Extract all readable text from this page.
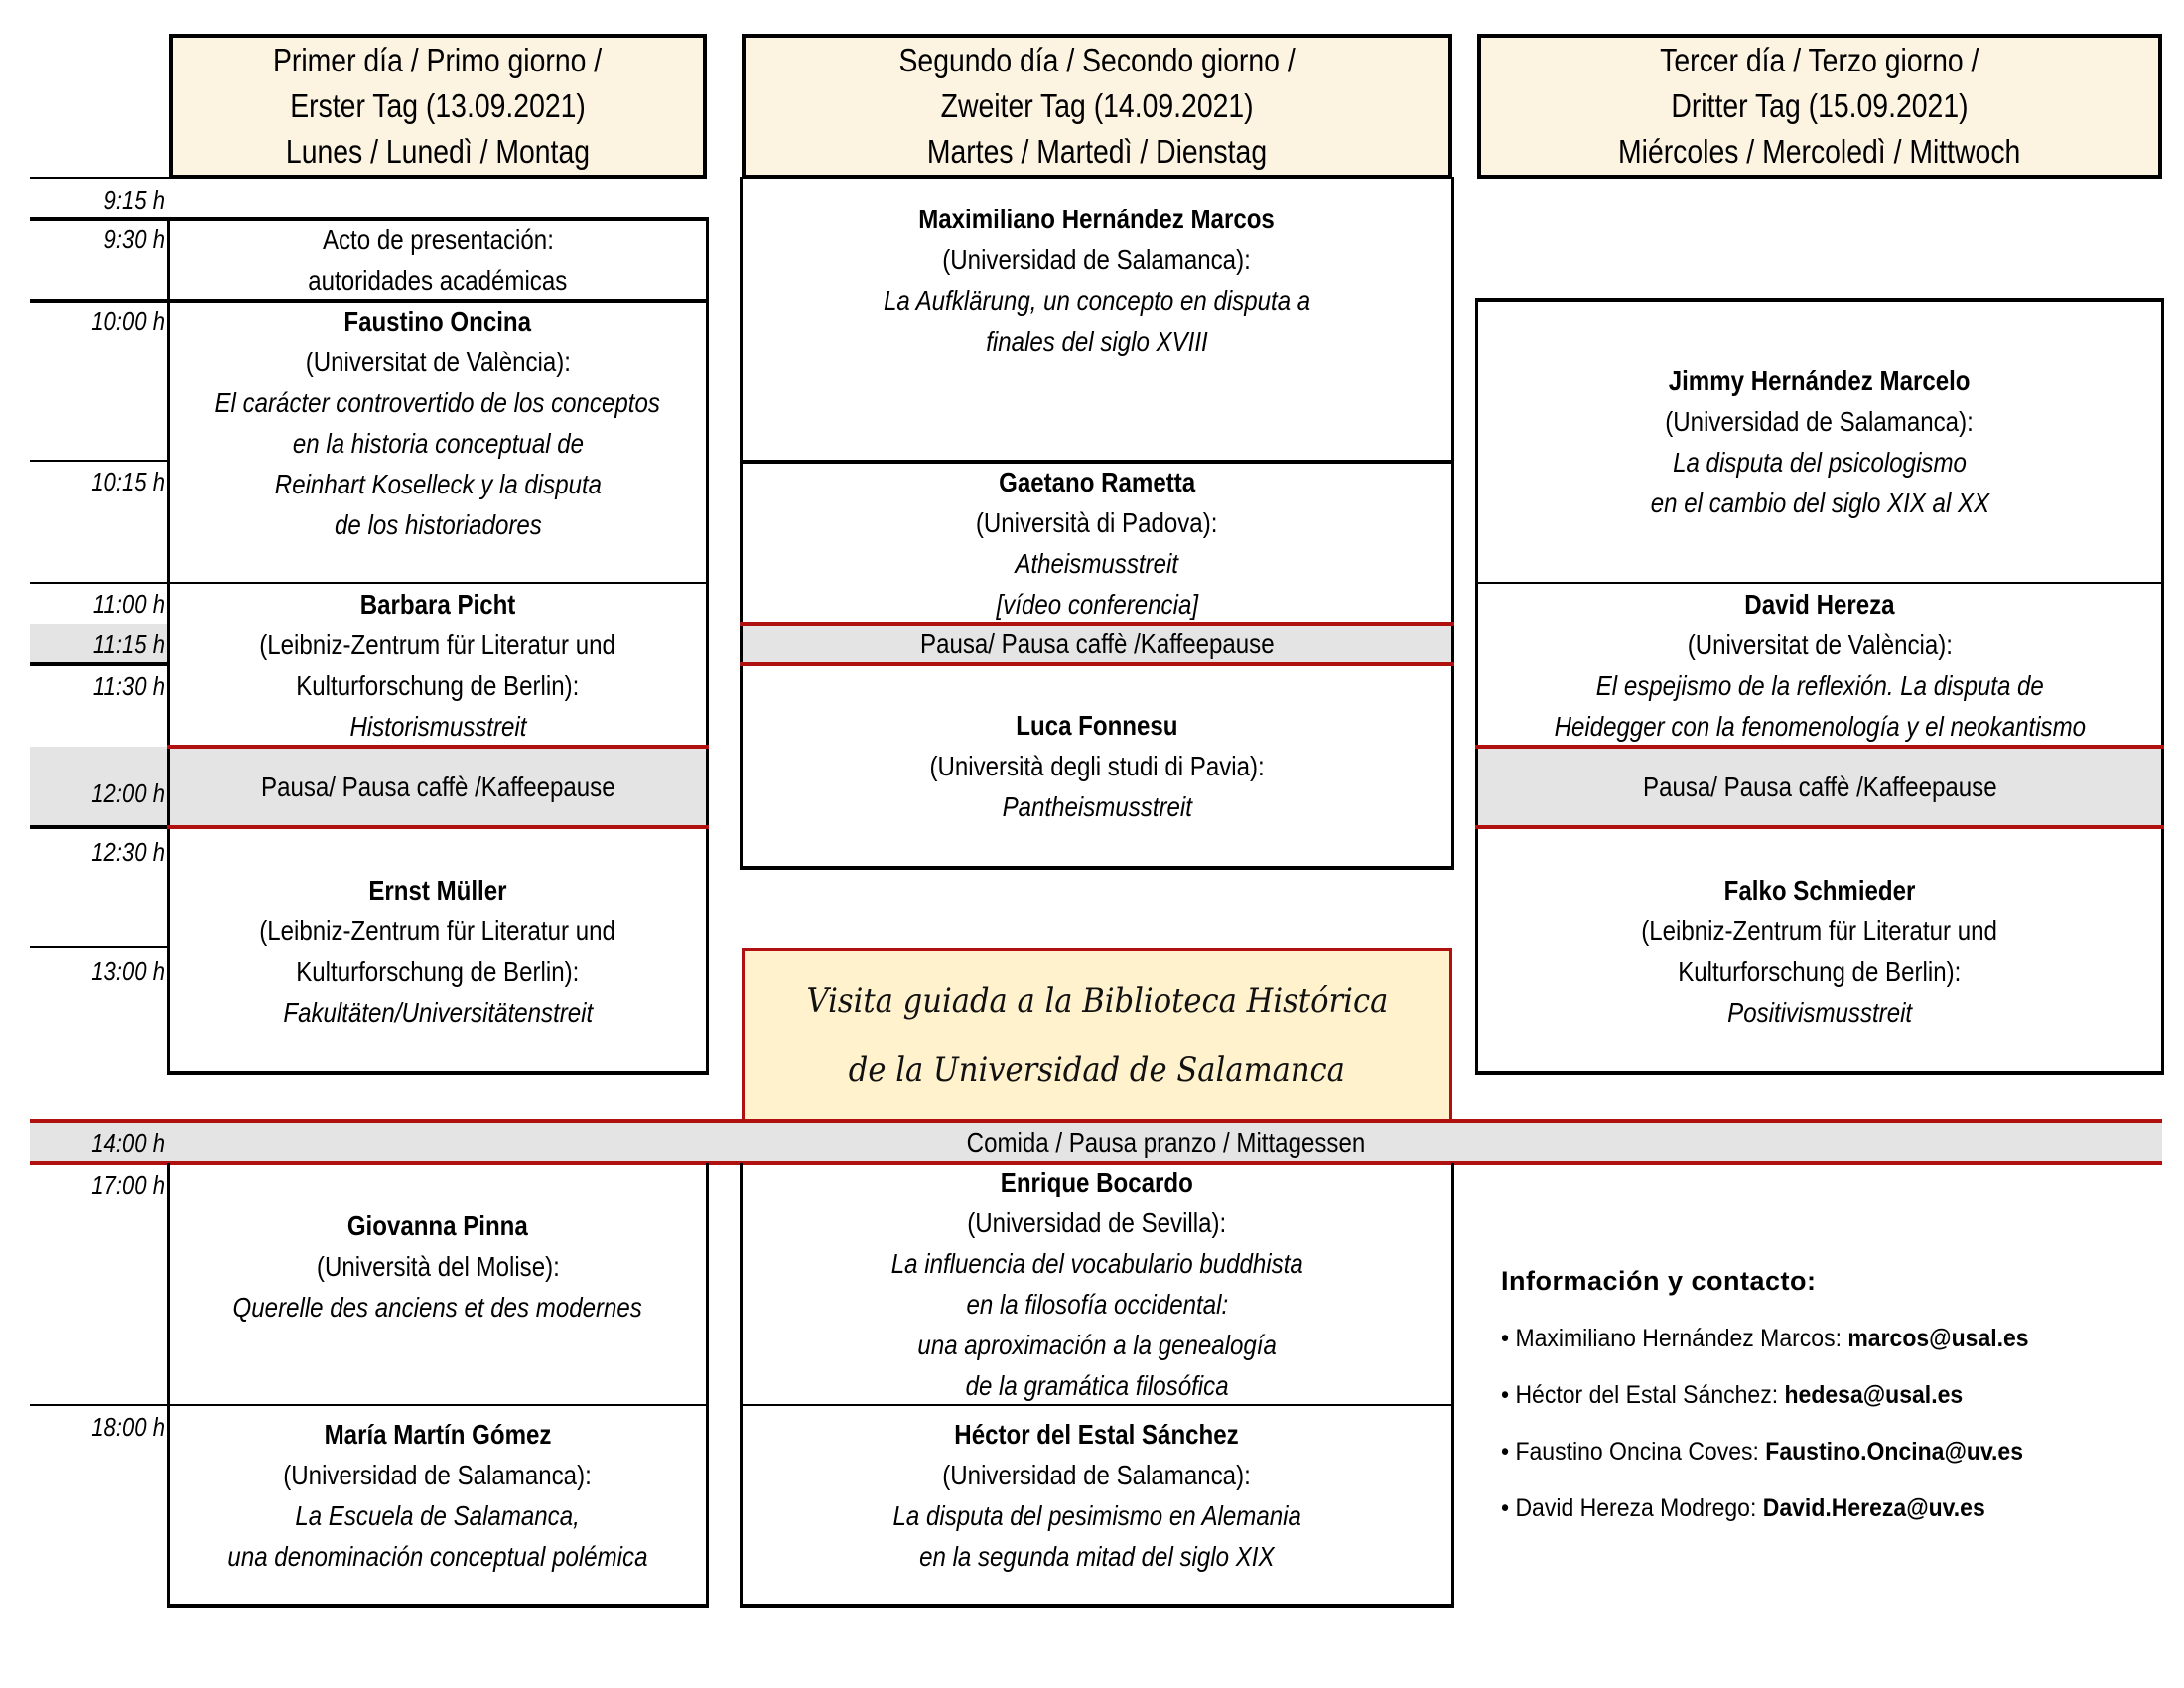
Primer día / Primo giorno /
Erster Tag (13.09.2021)
Lunes / Lunedì / Montag
Segundo día / Secondo giorno /
Zweiter Tag (14.09.2021)
Martes / Martedì / Dienstag
Tercer día / Terzo giorno /
Dritter Tag (15.09.2021)
Miércoles / Mercoledì / Mittwoch
9:15 h
9:30 h
10:00 h
10:15 h
11:00 h
11:15 h
11:30 h
12:00 h
12:30 h
13:00 h
14:00 h
17:00 h
18:00 h
Acto de presentación:
autoridades académicas
Faustino Oncina
(Universitat de València):
El carácter controvertido de los conceptos
en la historia conceptual de
Reinhart Koselleck y la disputa
de los historiadores
Barbara Picht
(Leibniz-Zentrum für Literatur und
Kulturforschung de Berlin):
Historismusstreit
Pausa/ Pausa caffè /Kaffeepause
Ernst Müller
(Leibniz-Zentrum für Literatur und
Kulturforschung de Berlin):
Fakultäten/Universitätenstreit
Maximiliano Hernández Marcos
(Universidad de Salamanca):
La Aufklärung, un concepto en disputa a
finales del siglo XVIII
Gaetano Rametta
(Università di Padova):
Atheismusstreit
[vídeo conferencia]
Pausa/ Pausa caffè /Kaffeepause
Luca Fonnesu
(Università degli studi di Pavia):
Pantheismusstreit
Visita guiada a la Biblioteca Histórica
de la Universidad de Salamanca
Jimmy Hernández Marcelo
(Universidad de Salamanca):
La disputa del psicologismo
en el cambio del siglo XIX al XX
David Hereza
(Universitat de València):
El espejismo de la reflexión. La disputa de
Heidegger con la fenomenología y el neokantismo
Pausa/ Pausa caffè /Kaffeepause
Falko Schmieder
(Leibniz-Zentrum für Literatur und
Kulturforschung de Berlin):
Positivismusstreit
Comida / Pausa pranzo / Mittagessen
Giovanna Pinna
(Università del Molise):
Querelle des anciens et des modernes
María Martín Gómez
(Universidad de Salamanca):
La Escuela de Salamanca,
una denominación conceptual polémica
Enrique Bocardo
(Universidad de Sevilla):
La influencia del vocabulario buddhista
en la filosofía occidental:
una aproximación a la genealogía
de la gramática filosófica
Héctor del Estal Sánchez
(Universidad de Salamanca):
La disputa del pesimismo en Alemania
en la segunda mitad del siglo XIX
Información y contacto:
• Maximiliano Hernández Marcos: marcos@usal.es
• Héctor del Estal Sánchez: hedesa@usal.es
• Faustino Oncina Coves: Faustino.Oncina@uv.es
• David Hereza Modrego: David.Hereza@uv.es
